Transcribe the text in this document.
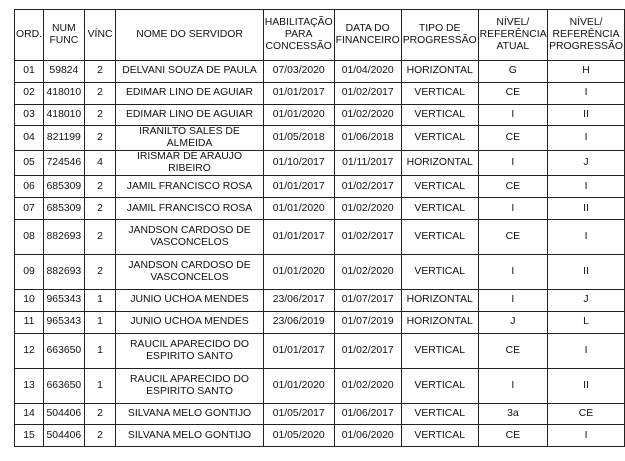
ORD.	NUM FUNC	VÍNC	NOME DO SERVIDOR	HABILITAÇÃO PARA CONCESSÃO	DATA DO FINANCEIRO	TIPO DE PROGRESSÃO	NÍVEL/ REFERÊNCIA ATUAL	NÍVEL/ REFERÊNCIA PROGRESSÃO
01	59824	2	DELVANI SOUZA DE PAULA	07/03/2020	01/04/2020	HORIZONTAL	G	H
02	418010	2	EDIMAR LINO DE AGUIAR	01/01/2017	01/02/2017	VERTICAL	CE	I
03	418010	2	EDIMAR LINO DE AGUIAR	01/01/2020	01/02/2020	VERTICAL	I	II
04	821199	2	IRANILTO SALES DE ALMEIDA	01/05/2018	01/06/2018	VERTICAL	CE	I
05	724546	4	IRISMAR DE ARAUJO RIBEIRO	01/10/2017	01/11/2017	HORIZONTAL	I	J
06	685309	2	JAMIL FRANCISCO ROSA	01/01/2017	01/02/2017	VERTICAL	CE	I
07	685309	2	JAMIL FRANCISCO ROSA	01/01/2020	01/02/2020	VERTICAL	I	II
08	882693	2	JANDSON CARDOSO DE VASCONCELOS	01/01/2017	01/02/2017	VERTICAL	CE	I
09	882693	2	JANDSON CARDOSO DE VASCONCELOS	01/01/2020	01/02/2020	VERTICAL	I	II
10	965343	1	JUNIO UCHOA MENDES	23/06/2017	01/07/2017	HORIZONTAL	I	J
11	965343	1	JUNIO UCHOA MENDES	23/06/2019	01/07/2019	HORIZONTAL	J	L
12	663650	1	RAUCIL APARECIDO DO ESPIRITO SANTO	01/01/2017	01/02/2017	VERTICAL	CE	I
13	663650	1	RAUCIL APARECIDO DO ESPIRITO SANTO	01/01/2020	01/02/2020	VERTICAL	I	II
14	504406	2	SILVANA MELO GONTIJO	01/05/2017	01/06/2017	VERTICAL	3a	CE
15	504406	2	SILVANA MELO GONTIJO	01/05/2020	01/06/2020	VERTICAL	CE	I
